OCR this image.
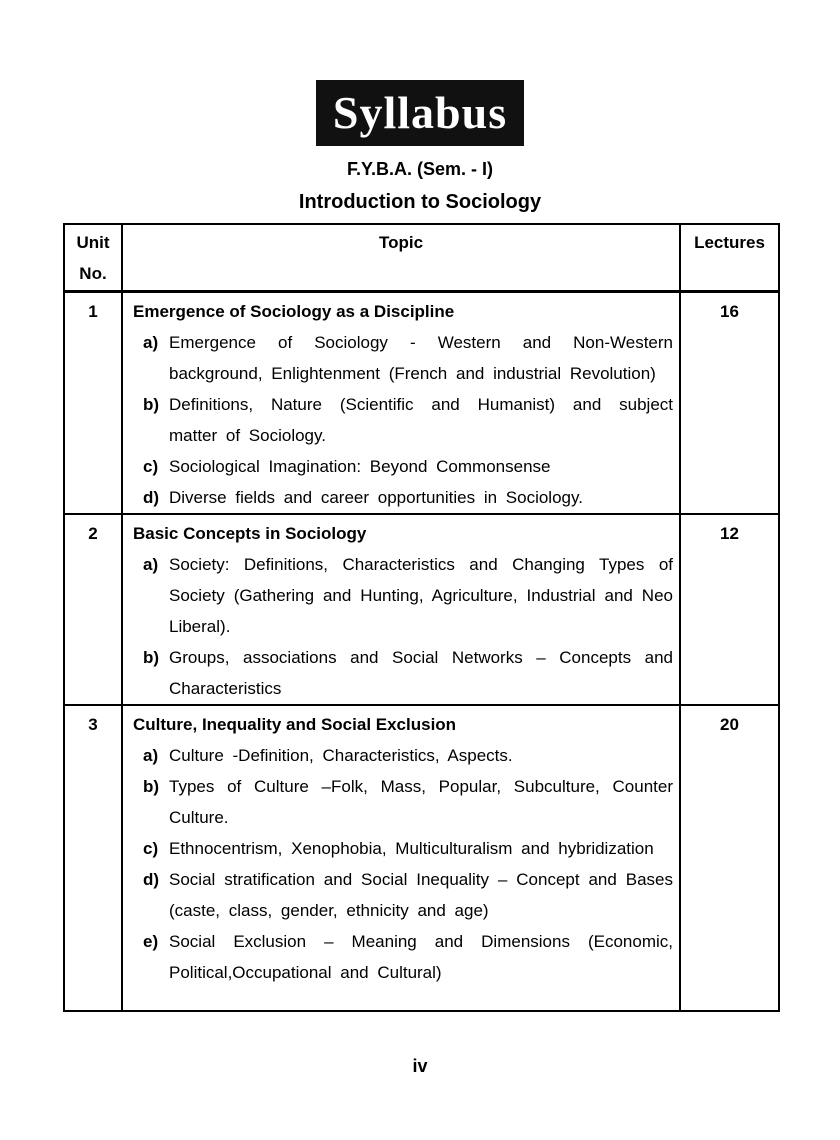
Syllabus
F.Y.B.A. (Sem. - I)
Introduction to Sociology
Unit No.	Topic	Lectures
1	Emergence of Sociology as a Discipline
a) Emergence of Sociology - Western and Non-Western background, Enlightenment (French and industrial Revolution)
b) Definitions, Nature (Scientific and Humanist) and subject matter of Sociology.
c) Sociological Imagination: Beyond Commonsense
d) Diverse fields and career opportunities in Sociology.	16
2	Basic Concepts in Sociology
a) Society: Definitions, Characteristics and Changing Types of Society (Gathering and Hunting, Agriculture, Industrial and Neo Liberal).
b) Groups, associations and Social Networks – Concepts and Characteristics	12
3	Culture, Inequality and Social Exclusion
a) Culture -Definition, Characteristics, Aspects.
b) Types of Culture –Folk, Mass, Popular, Subculture, Counter Culture.
c) Ethnocentrism, Xenophobia, Multiculturalism and hybridization
d) Social stratification and Social Inequality – Concept and Bases (caste, class, gender, ethnicity and age)
e) Social Exclusion – Meaning and Dimensions (Economic, Political,Occupational and Cultural)
	20
iv
